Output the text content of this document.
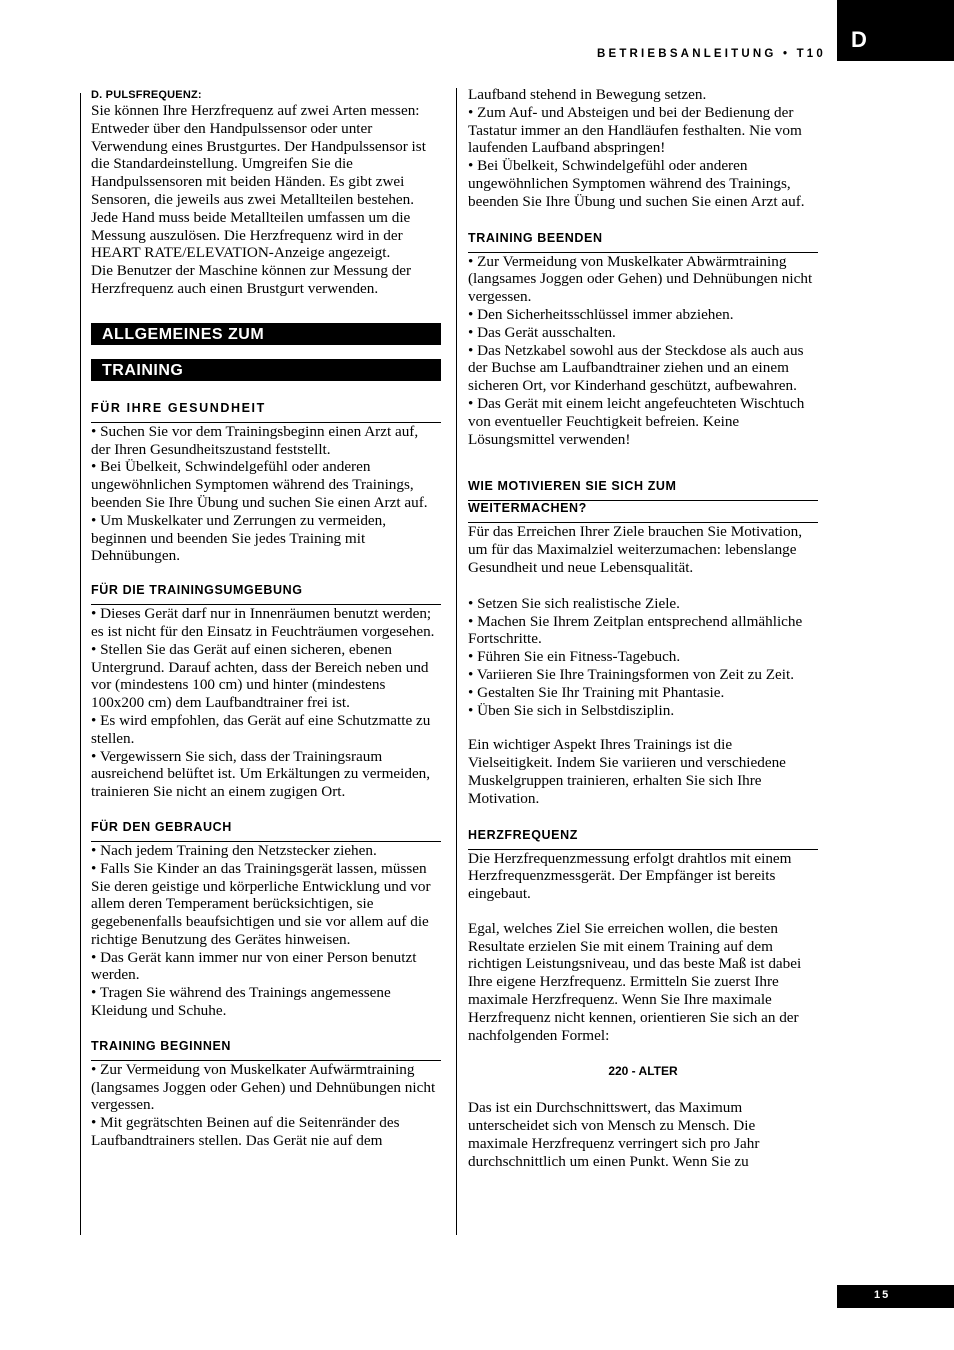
BETRIEBSANLEITUNG • T10
D
15

D. PULSFREQUENZ:

Sie können Ihre Herzfrequenz auf zwei Arten messen: Entweder über den Handpulssensor oder unter Verwendung eines Brustgurtes. Der Handpulssensor ist die Standardeinstellung. Umgreifen Sie die Handpulssensoren mit beiden Händen. Es gibt zwei Sensoren, die jeweils aus zwei Metallteilen bestehen. Jede Hand muss beide Metallteilen umfassen um die Messung auszulösen. Die Herzfrequenz wird in der HEART RATE/ELEVATION-Anzeige angezeigt.

Die Benutzer der Maschine können zur Messung der Herzfrequenz auch einen Brustgurt verwenden.

ALLGEMEINES ZUM
TRAINING

FÜR IHRE GESUNDHEIT

• Suchen Sie vor dem Trainingsbeginn einen Arzt auf, der Ihren Gesundheitszustand feststellt.

• Bei Übelkeit, Schwindelgefühl oder anderen ungewöhnlichen Symptomen während des Trainings, beenden Sie Ihre Übung und suchen Sie einen Arzt auf.

• Um Muskelkater und Zerrungen zu vermeiden, beginnen und beenden Sie jedes Training mit Dehnübungen.

FÜR DIE TRAININGSUMGEBUNG

• Dieses Gerät darf nur in Innenräumen benutzt werden; es ist nicht für den Einsatz in Feuchträumen vorgesehen.

• Stellen Sie das Gerät auf einen sicheren, ebenen Untergrund. Darauf achten, dass der Bereich neben und vor (mindestens 100 cm) und hinter (mindestens 100x200 cm) dem Laufbandtrainer frei ist.

• Es wird empfohlen, das Gerät auf eine Schutzmatte zu stellen.

• Vergewissern Sie sich, dass der Trainingsraum ausreichend belüftet ist. Um Erkältungen zu vermeiden, trainieren Sie nicht an einem zugigen Ort.

FÜR DEN GEBRAUCH

• Nach jedem Training den Netzstecker ziehen.

• Falls Sie Kinder an das Trainingsgerät lassen, müssen Sie deren geistige und körperliche Entwicklung und vor allem deren Temperament berücksichtigen, sie gegebenenfalls beaufsichtigen und sie vor allem auf die richtige Benutzung des Gerätes hinweisen.

• Das Gerät kann immer nur von einer Person benutzt werden.

• Tragen Sie während des Trainings angemessene Kleidung und Schuhe.

TRAINING BEGINNEN

• Zur Vermeidung von Muskelkater Aufwärmtraining (langsames Joggen oder Gehen) und Dehnübungen nicht vergessen.

• Mit gegrätschten Beinen auf die Seitenränder des Laufbandtrainers stellen. Das Gerät nie auf dem

Laufband stehend in Bewegung setzen.

• Zum Auf- und Absteigen und bei der Bedienung der Tastatur immer an den Handläufen festhalten. Nie vom laufenden Laufband abspringen!

• Bei Übelkeit, Schwindelgefühl oder anderen ungewöhnlichen Symptomen während des Trainings, beenden Sie Ihre Übung und suchen Sie einen Arzt auf.

TRAINING BEENDEN

• Zur Vermeidung von Muskelkater Abwärmtraining (langsames Joggen oder Gehen) und Dehnübungen nicht vergessen.

• Den Sicherheitsschlüssel immer abziehen.

• Das Gerät ausschalten.

• Das Netzkabel sowohl aus der Steckdose als auch aus der Buchse am Laufbandtrainer ziehen und an einem sicheren Ort, vor Kinderhand geschützt, aufbewahren.

• Das Gerät mit einem leicht angefeuchteten Wischtuch von eventueller Feuchtigkeit befreien. Keine Lösungsmittel verwenden!

WIE MOTIVIEREN SIE SICH ZUM

WEITERMACHEN?

Für das Erreichen Ihrer Ziele brauchen Sie Motivation, um für das Maximalziel weiterzumachen: lebenslange Gesundheit und neue Lebensqualität.

• Setzen Sie sich realistische Ziele.

• Machen Sie Ihrem Zeitplan entsprechend allmähliche Fortschritte.

• Führen Sie ein Fitness-Tagebuch.

• Variieren Sie Ihre Trainingsformen von Zeit zu Zeit.

• Gestalten Sie Ihr Training mit Phantasie.

• Üben Sie sich in Selbstdisziplin.

Ein wichtiger Aspekt Ihres Trainings ist die Vielseitigkeit. Indem Sie variieren und verschiedene Muskelgruppen trainieren, erhalten Sie sich Ihre Motivation.

HERZFREQUENZ

Die Herzfrequenzmessung erfolgt drahtlos mit einem Herzfrequenzmessgerät. Der Empfänger ist bereits eingebaut.

Egal, welches Ziel Sie erreichen wollen, die besten Resultate erzielen Sie mit einem Training auf dem richtigen Leistungsniveau, und das beste Maß ist dabei Ihre eigene Herzfrequenz. Ermitteln Sie zuerst Ihre maximale Herzfrequenz. Wenn Sie Ihre maximale Herzfrequenz nicht kennen, orientieren Sie sich an der nachfolgenden Formel:

220 - ALTER

Das ist ein Durchschnittswert, das Maximum unterscheidet sich von Mensch zu Mensch. Die maximale Herzfrequenz verringert sich pro Jahr durchschnittlich um einen Punkt. Wenn Sie zu
